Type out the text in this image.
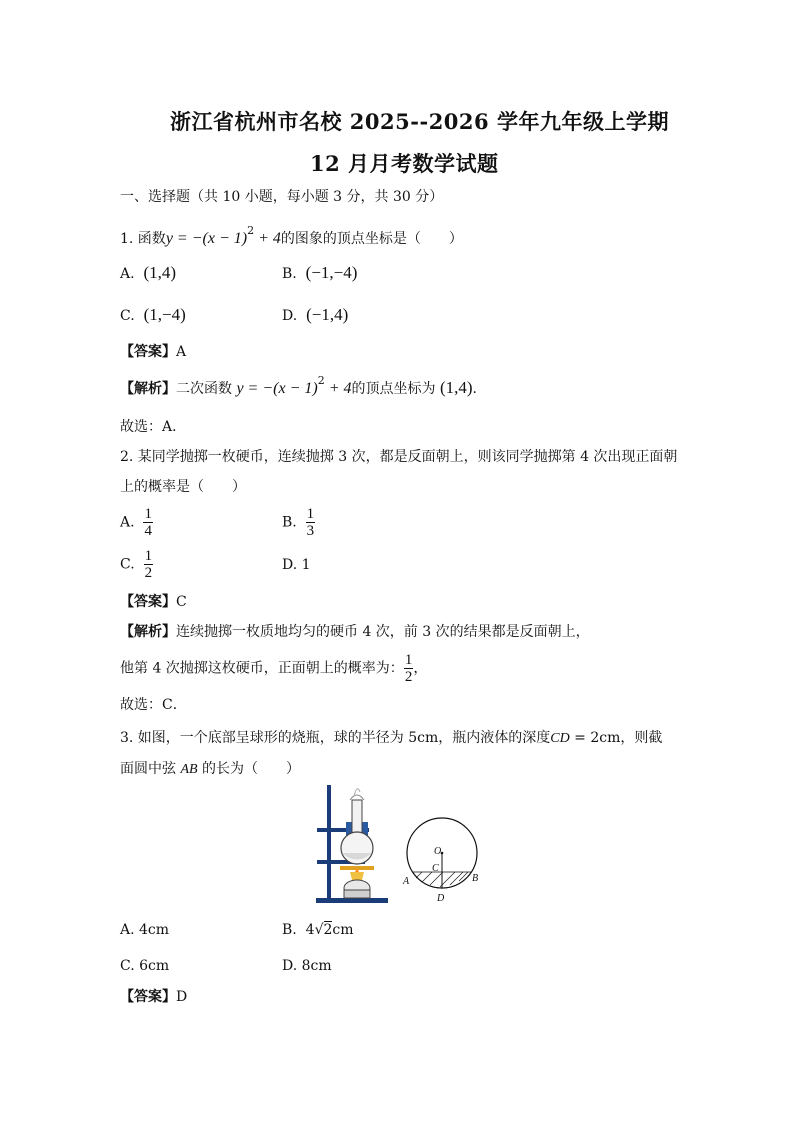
浙江省杭州市名校 2025--2026 学年九年级上学期
12 月月考数学试题
一、选择题（共 10 小题，每小题 3 分，共 30 分）
1. 函数$y = -(x - 1)^2 + 4$的图象的顶点坐标是（　　）
A. (1,4)	B. (−1,−4)
C. (1,−4)	D. (−1,4)
【答案】A
【解析】二次函数 $y = -(x - 1)^2 + 4$的顶点坐标为 (1,4).
故选：A．
2. 某同学抛掷一枚硬币，连续抛掷 3 次，都是反面朝上，则该同学抛掷第 4 次出现正面朝
上的概率是（　　）
A. $\frac{1}{4}$	B. $\frac{1}{3}$
C. $\frac{1}{2}$	D. 1
【答案】C
【解析】连续抛掷一枚质地均匀的硬币 4 次，前 3 次的结果都是反面朝上，
他第 4 次抛掷这枚硬币，正面朝上的概率为： $\frac{1}{2}$ ，
故选：C．
3. 如图，一个底部呈球形的烧瓶，球的半径为 5cm，瓶内液体的深度CD = 2cm，则截
面圆中弦 AB 的长为（　　）
O
C
A	B
D
A. 4cm	B. 4√2cm
C. 6cm	D. 8cm
【答案】D
